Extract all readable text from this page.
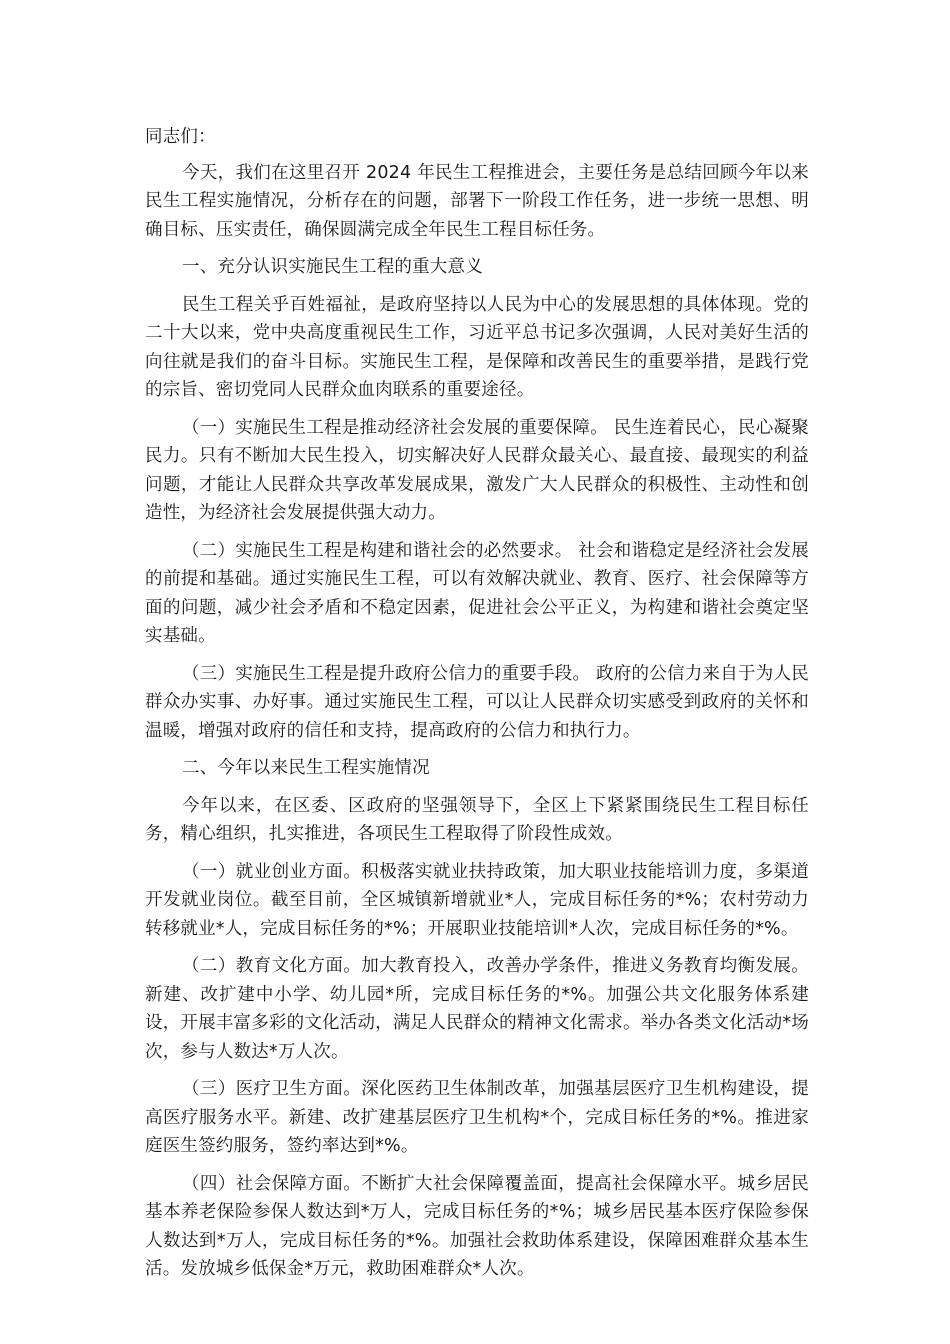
同志们：

今天，我们在这里召开 2024 年民生工程推进会，主要任务是总结回顾今年以来民生工程实施情况，分析存在的问题，部署下一阶段工作任务，进一步统一思想、明确目标、压实责任，确保圆满完成全年民生工程目标任务。

一、充分认识实施民生工程的重大意义

民生工程关乎百姓福祉，是政府坚持以人民为中心的发展思想的具体体现。党的二十大以来，党中央高度重视民生工作，习近平总书记多次强调，人民对美好生活的向往就是我们的奋斗目标。实施民生工程，是保障和改善民生的重要举措，是践行党的宗旨、密切党同人民群众血肉联系的重要途径。

（一）实施民生工程是推动经济社会发展的重要保障。 民生连着民心，民心凝聚民力。只有不断加大民生投入，切实解决好人民群众最关心、最直接、最现实的利益问题，才能让人民群众共享改革发展成果，激发广大人民群众的积极性、主动性和创造性，为经济社会发展提供强大动力。

（二）实施民生工程是构建和谐社会的必然要求。 社会和谐稳定是经济社会发展的前提和基础。通过实施民生工程，可以有效解决就业、教育、医疗、社会保障等方面的问题，减少社会矛盾和不稳定因素，促进社会公平正义，为构建和谐社会奠定坚实基础。

（三）实施民生工程是提升政府公信力的重要手段。 政府的公信力来自于为人民群众办实事、办好事。通过实施民生工程，可以让人民群众切实感受到政府的关怀和温暖，增强对政府的信任和支持，提高政府的公信力和执行力。

二、今年以来民生工程实施情况

今年以来，在区委、区政府的坚强领导下，全区上下紧紧围绕民生工程目标任务，精心组织，扎实推进，各项民生工程取得了阶段性成效。

（一）就业创业方面。积极落实就业扶持政策，加大职业技能培训力度，多渠道开发就业岗位。截至目前，全区城镇新增就业*人，完成目标任务的*%；农村劳动力转移就业*人，完成目标任务的*%；开展职业技能培训*人次，完成目标任务的*%。

（二）教育文化方面。加大教育投入，改善办学条件，推进义务教育均衡发展。新建、改扩建中小学、幼儿园*所，完成目标任务的*%。加强公共文化服务体系建设，开展丰富多彩的文化活动，满足人民群众的精神文化需求。举办各类文化活动*场次，参与人数达*万人次。

（三）医疗卫生方面。深化医药卫生体制改革，加强基层医疗卫生机构建设，提高医疗服务水平。新建、改扩建基层医疗卫生机构*个，完成目标任务的*%。推进家庭医生签约服务，签约率达到*%。

（四）社会保障方面。不断扩大社会保障覆盖面，提高社会保障水平。城乡居民基本养老保险参保人数达到*万人，完成目标任务的*%；城乡居民基本医疗保险参保人数达到*万人，完成目标任务的*%。加强社会救助体系建设，保障困难群众基本生活。发放城乡低保金*万元，救助困难群众*人次。
